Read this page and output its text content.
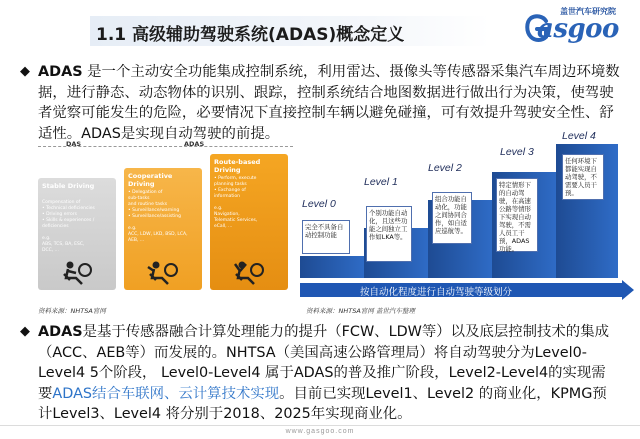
1.1 高级辅助驾驶系统(ADAS)概念定义
盖世汽车研究院
asgoo
◆ ADAS 是一个主动安全功能集成控制系统，利用雷达、摄像头等传感器采集汽车周边环境数据，进行静态、动态物体的识别、跟踪，控制系统结合地图数据进行做出行为决策，使驾驶者觉察可能发生的危险，必要情况下直接控制车辆以避免碰撞，可有效提升驾驶安全性、舒适性。ADAS是实现自动驾驶的前提。
DAS	ADAS
Stable Driving
Compensation of
• Technical deficiencies
• Driving errors
• Skills & experiences /
deficiencies

e.g.
ABS, TCS, BA, ESC,
DCC, ...
Cooperative
Driving
• Delegation of
sub-tasks
and routine tasks
• Surveillance/warning
• Surveillance/assisting

e.g.
ACC, LDW, LKD, BSD, LCA,
AEB, ...
Route-based
Driving
• Perform, execute
planning tasks
• Exchange of
information

e.g.
Navigation,
Telematic Services,
eCall, ...
资料来源：NHTSA官网
Level 0
完全不具备自动控制功能
Level 1
个别功能自动化，且这些功能之间独立工作如LKA等。
Level 2
组合功能自动化，功能之间协同合作，如自适应巡航等。
Level 3
特定情形下的自动驾驶，在高速公路等情形下实现自动驾驶，不需人员工干预，ADAS功能。
Level 4
任何环境下都能实现自动驾驶，不需要人员干预。
按自动化程度进行自动驾驶等级划分
资料来源：NHTSA官网 盖世汽车整理
◆ ADAS是基于传感器融合计算处理能力的提升（FCW、LDW等）以及底层控制技术的集成（ACC、AEB等）而发展的。NHTSA（美国高速公路管理局）将自动驾驶分为Level0-Level4 5个阶段， Level0-Level4 属于ADAS的普及推广阶段，Level2-Level4的实现需要ADAS结合车联网、云计算技术实现。目前已实现Level1、Level2 的商业化，KPMG预计Level3、Level4 将分别于2018、2025年实现商业化。
www.gasgoo.com
